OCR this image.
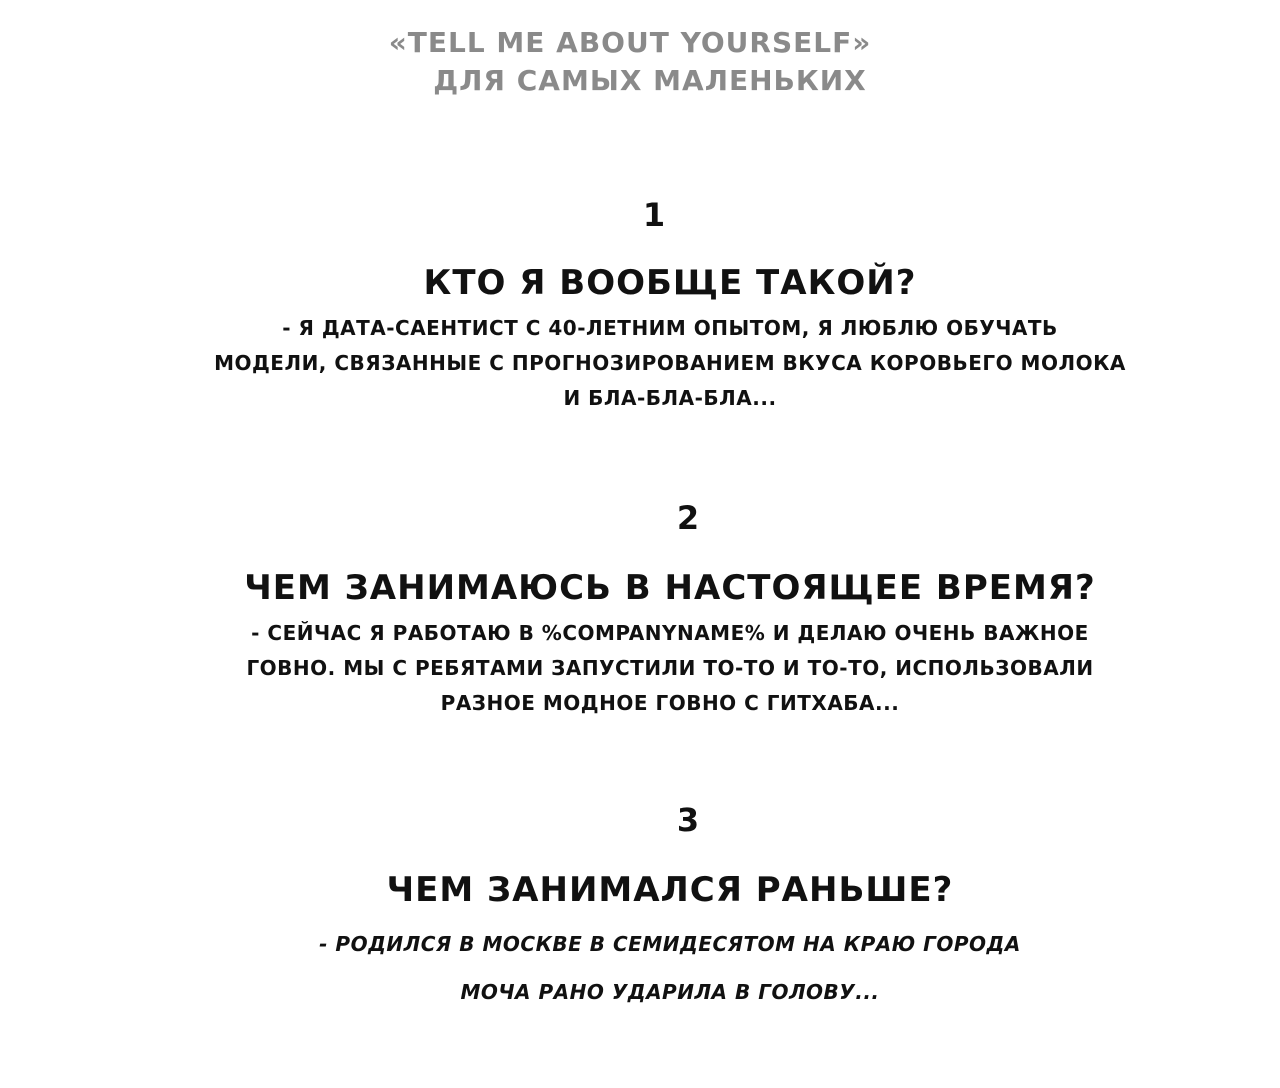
«TELL ME ABOUT YOURSELF»
ДЛЯ САМЫХ МАЛЕНЬКИХ
1
КТО Я ВООБЩЕ ТАКОЙ?
- Я ДАТА-САЕНТИСТ С 40-ЛЕТНИМ ОПЫТОМ, Я ЛЮБЛЮ ОБУЧАТЬ
МОДЕЛИ, СВЯЗАННЫЕ С ПРОГНОЗИРОВАНИЕМ ВКУСА КОРОВЬЕГО МОЛОКА
И БЛА-БЛА-БЛА...
2
ЧЕМ ЗАНИМАЮСЬ В НАСТОЯЩЕЕ ВРЕМЯ?
- СЕЙЧАС Я РАБОТАЮ В %COMPANYNAME% И ДЕЛАЮ ОЧЕНЬ ВАЖНОЕ
ГОВНО. МЫ С РЕБЯТАМИ ЗАПУСТИЛИ ТО-ТО И ТО-ТО, ИСПОЛЬЗОВАЛИ
РАЗНОЕ МОДНОЕ ГОВНО С ГИТХАБА...
3
ЧЕМ ЗАНИМАЛСЯ РАНЬШЕ?
- РОДИЛСЯ В МОСКВЕ В СЕМИДЕСЯТОМ НА КРАЮ ГОРОДА
МОЧА РАНО УДАРИЛА В ГОЛОВУ...
